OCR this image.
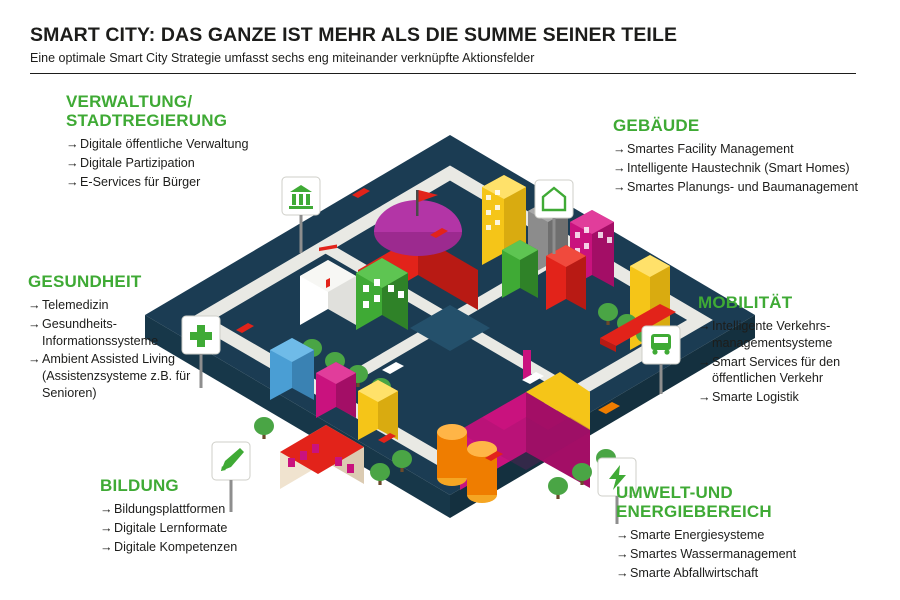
SMART CITY: DAS GANZE IST MEHR ALS DIE SUMME SEINER TEILE

Eine optimale Smart City Strategie umfasst sechs eng miteinander verknüpfte Aktionsfelder

VERWALTUNG/
STADTREGIERUNG
→ Digitale öffentliche Verwaltung
→ Digitale Partizipation
→ E-Services für Bürger
GEBÄUDE
→ Smartes Facility Management
→ Intelligente Haustechnik (Smart Homes)
→ Smartes Planungs- und Baumanagement
GESUNDHEIT
→ Telemedizin
→ Gesundheits-Informationssysteme
→ Ambient Assisted Living (Assistenzsysteme z.B. für Senioren)
MOBILITÄT
→ Intelligente Verkehrs-managementsysteme
→ Smart Services für den öffentlichen Verkehr
→ Smarte Logistik
BILDUNG
→ Bildungsplattformen
→ Digitale Lernformate
→ Digitale Kompetenzen
UMWELT-UND
ENERGIEBEREICH
→ Smarte Energiesysteme
→ Smartes Wassermanagement
→ Smarte Abfallwirtschaft
